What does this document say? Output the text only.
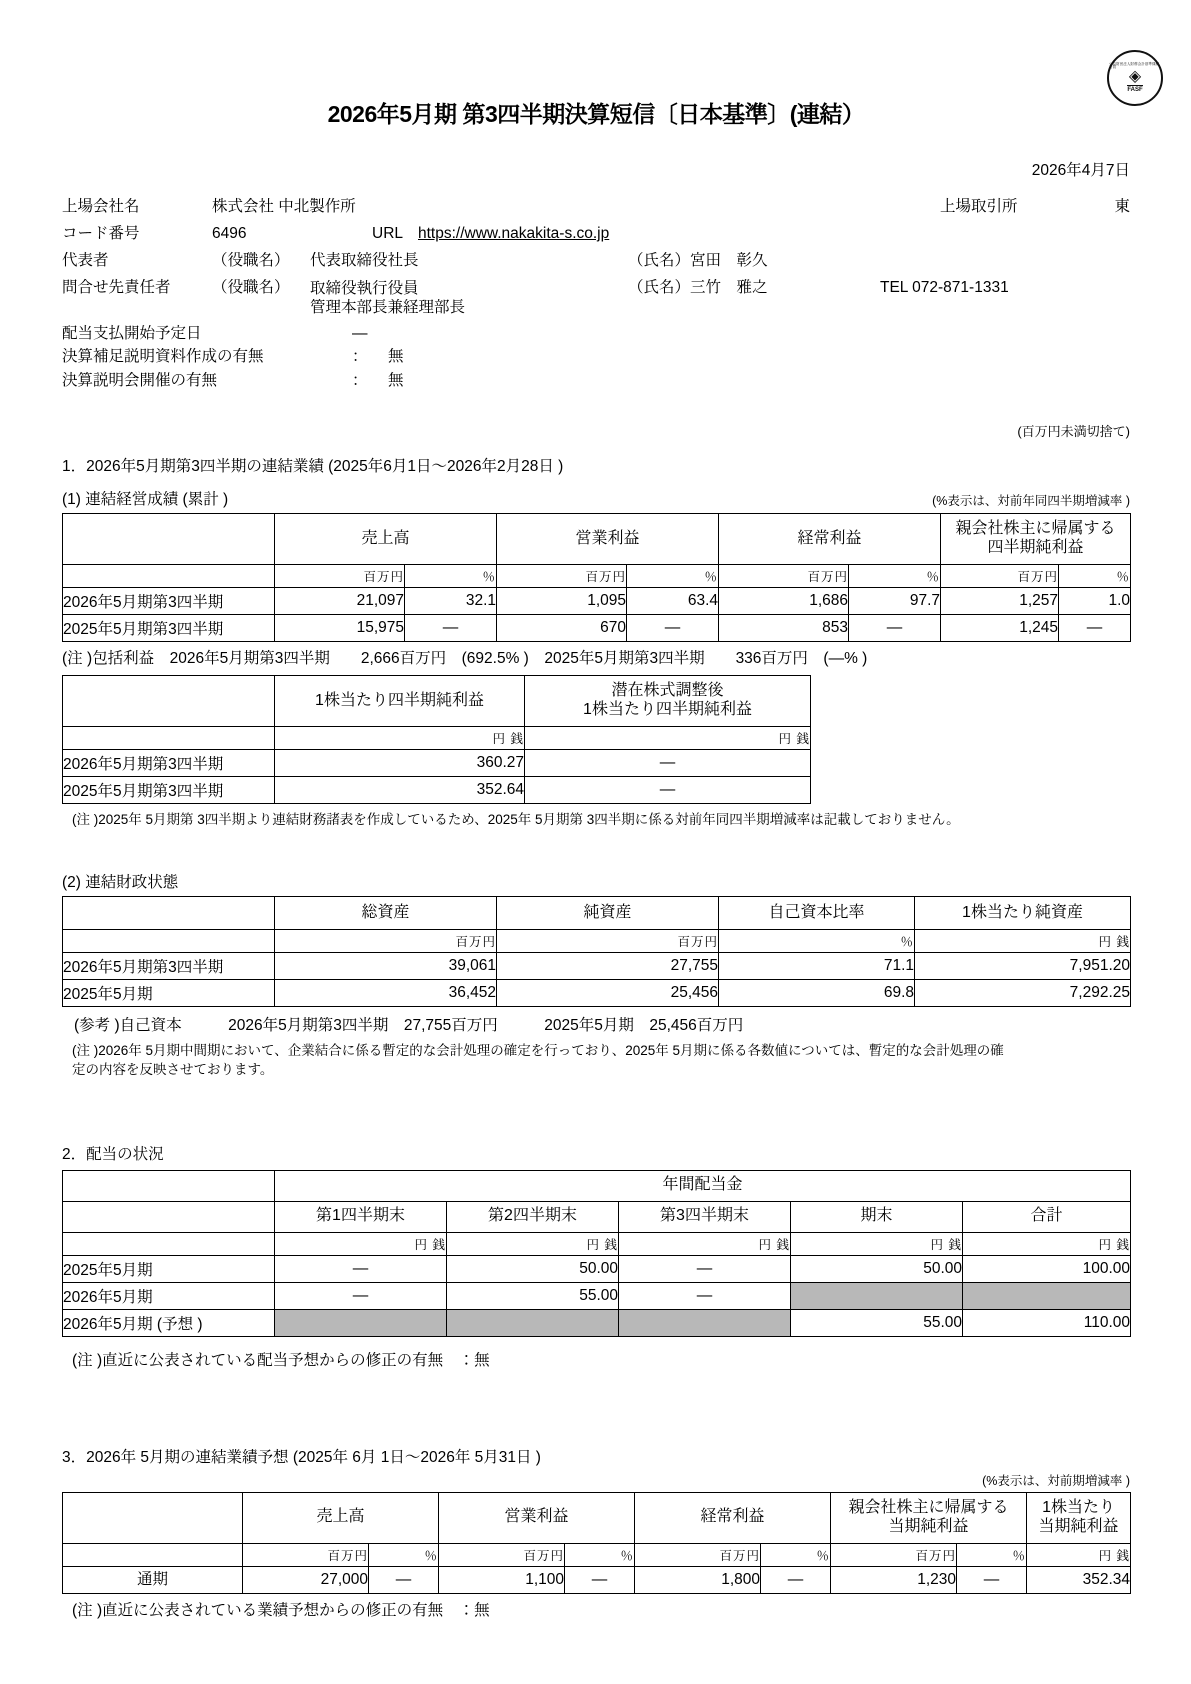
公益財団法人財務会計基準機構会員
◈
FASF
2026年5月期 第3四半期決算短信〔日本基準〕(連結）
2026年4月7日
上場会社名	株式会社 中北製作所	上場取引所	東
コード番号	6496	URL https://www.nakakita-s.co.jp
代表者	（役職名）	代表取締役社長	（氏名） 宮田　彰久
問合せ先責任者	（役職名）	取締役執行役員
管理本部長兼経理部長
（氏名） 三竹　雅之	TEL 072-871-1331
配当支払開始予定日	—
決算補足説明資料作成の有無	：	無
決算説明会開催の有無	：	無
(百万円未満切捨て)
1．2026年5月期第3四半期の連結業績 (2025年6月1日～2026年2月28日 )
(1) 連結経営成績 (累計 )	(%表示は、対前年同四半期増減率 )
	売上高		営業利益		経常利益		親会社株主に帰属する
四半期純利益	

	百万円	％	百万円	％	百万円	％	百万円	％
2026年5月期第3四半期	21,097	32.1	1,095	63.4	1,686	97.7	1,257	1.0
2025年5月期第3四半期	15,975	—	670	—	853	—	1,245	—
(注 )包括利益　2026年5月期第3四半期　　2,666百万円　(692.5% )　2025年5月期第3四半期　　336百万円　(—% )
	1株当たり四半期純利益	潜在株式調整後
1株当たり四半期純利益

	円 銭	円 銭
2026年5月期第3四半期	360.27	—
2025年5月期第3四半期	352.64	—
(注 )2025年 5月期第 3四半期より連結財務諸表を作成しているため、2025年 5月期第 3四半期に係る対前年同四半期増減率は記載しておりません。
(2) 連結財政状態
	総資産	純資産	自己資本比率	1株当たり純資産
	百万円	百万円	％	円 銭
2026年5月期第3四半期	39,061	27,755	71.1	7,951.20
2025年5月期	36,452	25,456	69.8	7,292.25
(参考 )自己資本　　　2026年5月期第3四半期　27,755百万円　　　2025年5月期　25,456百万円
(注 )2026年 5月期中間期において、企業結合に係る暫定的な会計処理の確定を行っており、2025年 5月期に係る各数値については、暫定的な会計処理の確
定の内容を反映させております。
2．配当の状況
	年間配当金				
	第1四半期末	第2四半期末	第3四半期末	期末	合計
	円 銭	円 銭	円 銭	円 銭	円 銭
2025年5月期	—	50.00	—	50.00	100.00
2026年5月期	—	55.00	—		
2026年5月期 (予想 )				55.00	110.00
(注 )直近に公表されている配当予想からの修正の有無　：無
3．2026年 5月期の連結業績予想 (2025年 6月 1日～2026年 5月31日 )
(%表示は、対前期増減率 )
	売上高	営業利益	経常利益	
親会社株主に帰属する
当期純利益

1株当たり
当期純利益

	百万円	％	百万円	％	百万円	％	百万円	％	円 銭
通期	27,000	—	1,100	—	1,800	—	1,230	—	352.34
(注 )直近に公表されている業績予想からの修正の有無　：無
